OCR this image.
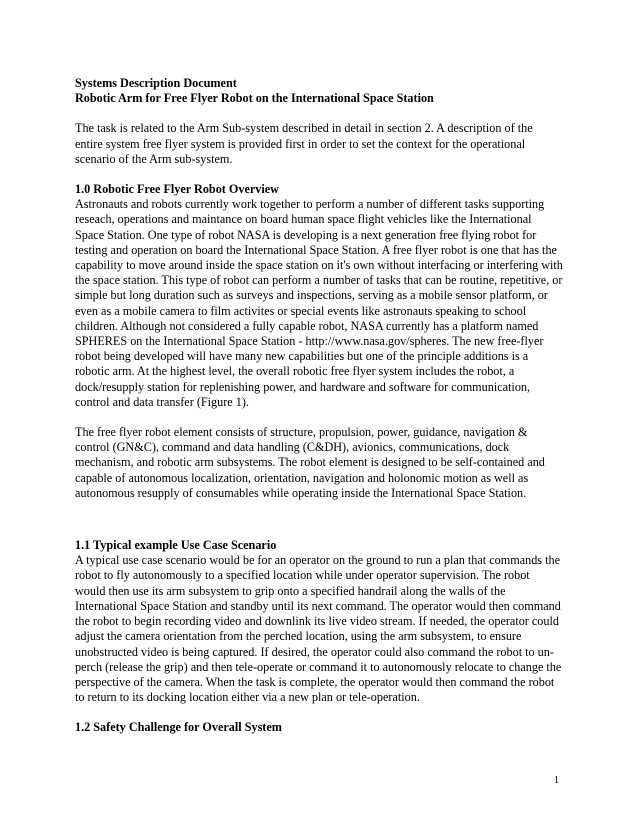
Systems Description Document
Robotic Arm for Free Flyer Robot on the International Space Station

The task is related to the Arm Sub-system described in detail in section 2. A description of the entire system free flyer system is provided first in order to set the context for the operational scenario of the Arm sub-system.

1.0 Robotic Free Flyer Robot Overview

Astronauts and robots currently work together to perform a number of different tasks supporting reseach, operations and maintance on board human space flight vehicles like the International Space Station. One type of robot NASA is developing is a next generation free flying robot for testing and operation on board the International Space Station. A free flyer robot is one that has the capability to move around inside the space station on it's own without interfacing or interfering with the space station. This type of robot can perform a number of tasks that can be routine, repetitive, or simple but long duration such as surveys and inspections, serving as a mobile sensor platform, or even as a mobile camera to film activites or special events like astronauts speaking to school children. Although not considered a fully capable robot, NASA currently has a platform named SPHERES on the International Space Station - http://www.nasa.gov/spheres. The new free-flyer robot being developed will have many new capabilities but one of the principle additions is a robotic arm. At the highest level, the overall robotic free flyer system includes the robot, a dock/resupply station for replenishing power, and hardware and software for communication, control and data transfer (Figure 1).

The free flyer robot element consists of structure, propulsion, power, guidance, navigation & control (GN&C), command and data handling (C&DH), avionics, communications, dock mechanism, and robotic arm subsystems. The robot element is designed to be self-contained and capable of autonomous localization, orientation, navigation and holonomic motion as well as autonomous resupply of consumables while operating inside the International Space Station.

1.1 Typical example Use Case Scenario

A typical use case scenario would be for an operator on the ground to run a plan that commands the robot to fly autonomously to a specified location while under operator supervision. The robot would then use its arm subsystem to grip onto a specified handrail along the walls of the International Space Station and standby until its next command. The operator would then command the robot to begin recording video and downlink its live video stream. If needed, the operator could adjust the camera orientation from the perched location, using the arm subsystem, to ensure unobstructed video is being captured. If desired, the operator could also command the robot to un-perch (release the grip) and then tele-operate or command it to autonomously relocate to change the perspective of the camera. When the task is complete, the operator would then command the robot to return to its docking location either via a new plan or tele-operation.

1.2 Safety Challenge for Overall System
1
